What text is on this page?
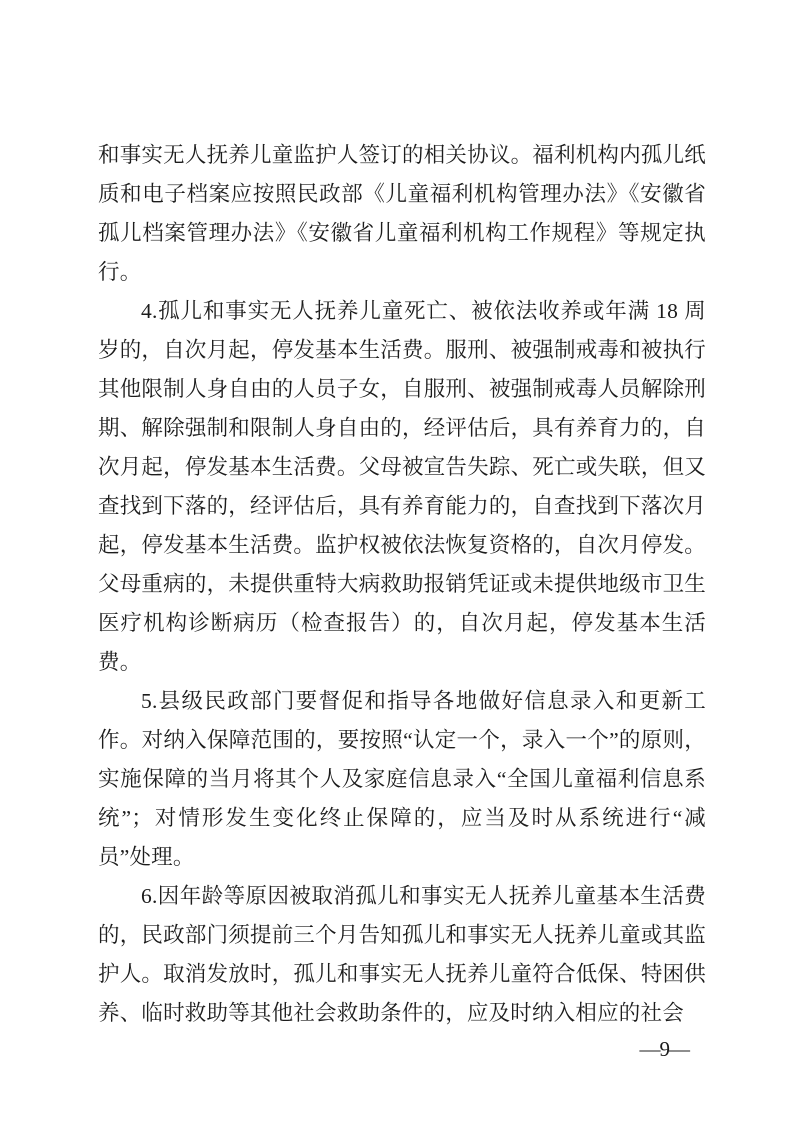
和事实无人抚养儿童监护人签订的相关协议。福利机构内孤儿纸质和电子档案应按照民政部《儿童福利机构管理办法》《安徽省孤儿档案管理办法》《安徽省儿童福利机构工作规程》等规定执行。

4.孤儿和事实无人抚养儿童死亡、被依法收养或年满 18 周岁的，自次月起，停发基本生活费。服刑、被强制戒毒和被执行其他限制人身自由的人员子女，自服刑、被强制戒毒人员解除刑期、解除强制和限制人身自由的，经评估后，具有养育力的，自次月起，停发基本生活费。父母被宣告失踪、死亡或失联，但又查找到下落的，经评估后，具有养育能力的，自查找到下落次月起，停发基本生活费。监护权被依法恢复资格的，自次月停发。父母重病的，未提供重特大病救助报销凭证或未提供地级市卫生医疗机构诊断病历（检查报告）的，自次月起，停发基本生活费。

5.县级民政部门要督促和指导各地做好信息录入和更新工作。对纳入保障范围的，要按照“认定一个，录入一个”的原则，实施保障的当月将其个人及家庭信息录入“全国儿童福利信息系统”；对情形发生变化终止保障的，应当及时从系统进行“减员”处理。

6.因年龄等原因被取消孤儿和事实无人抚养儿童基本生活费的，民政部门须提前三个月告知孤儿和事实无人抚养儿童或其监护人。取消发放时，孤儿和事实无人抚养儿童符合低保、特困供养、临时救助等其他社会救助条件的，应及时纳入相应的社会

—9—
